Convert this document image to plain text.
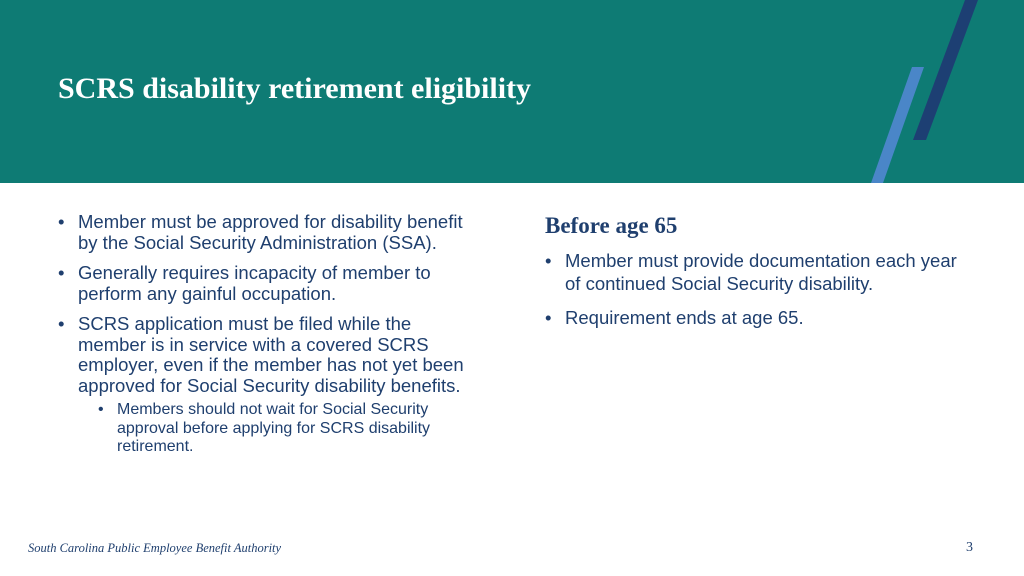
SCRS disability retirement eligibility
• Member must be approved for disability benefit by the Social Security Administration (SSA).
• Generally requires incapacity of member to perform any gainful occupation.
• SCRS application must be filed while the member is in service with a covered SCRS employer, even if the member has not yet been approved for Social Security disability benefits.
• Members should not wait for Social Security approval before applying for SCRS disability retirement.
Before age 65
• Member must provide documentation each year of continued Social Security disability.
• Requirement ends at age 65.
South Carolina Public Employee Benefit Authority	3
